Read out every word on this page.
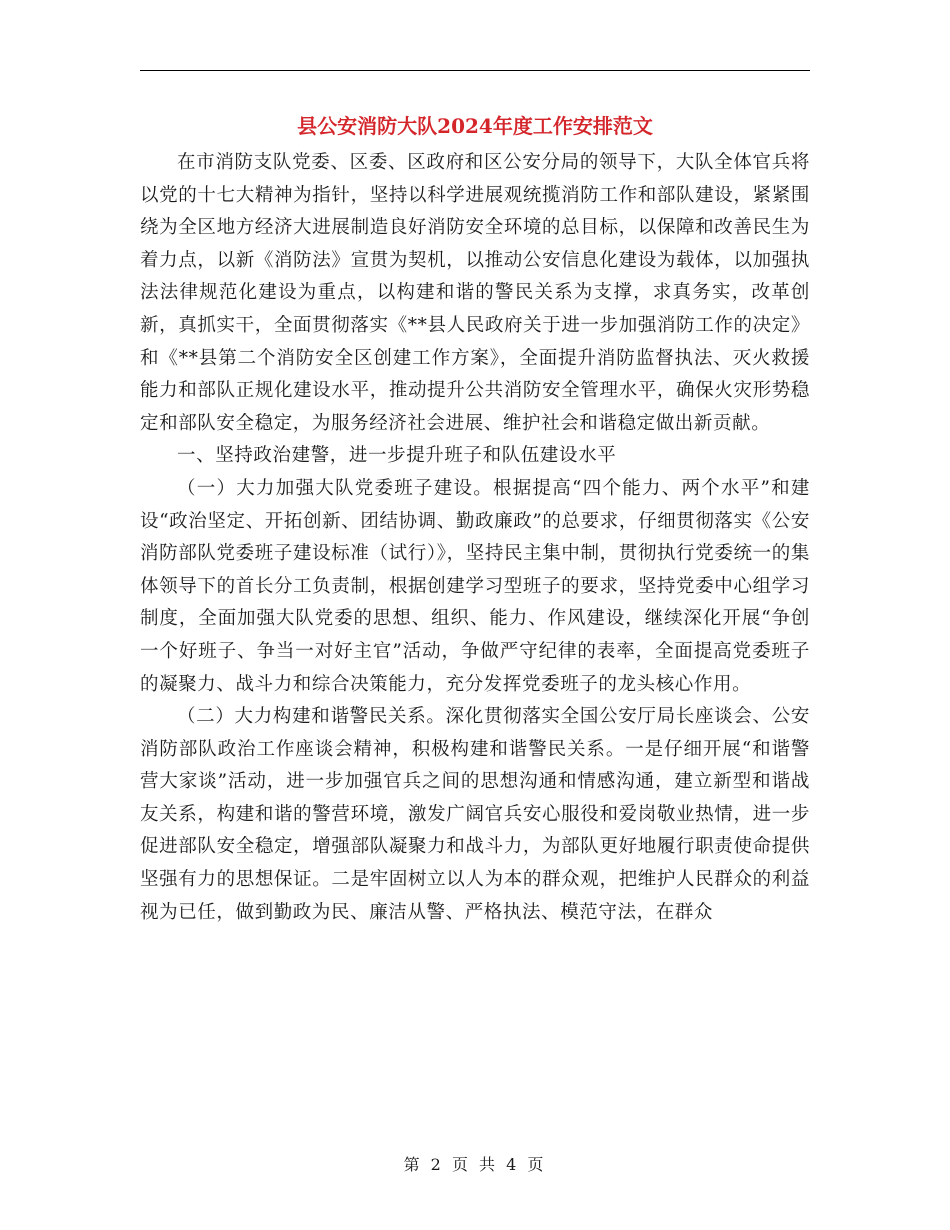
县公安消防大队2024年度工作安排范文

在市消防支队党委、区委、区政府和区公安分局的领导下，大队全体官兵将以党的十七大精神为指针，坚持以科学进展观统揽消防工作和部队建设，紧紧围绕为全区地方经济大进展制造良好消防安全环境的总目标，以保障和改善民生为着力点，以新《消防法》宣贯为契机，以推动公安信息化建设为载体，以加强执法法律规范化建设为重点，以构建和谐的警民关系为支撑，求真务实，改革创新，真抓实干，全面贯彻落实《**县人民政府关于进一步加强消防工作的决定》和《**县第二个消防安全区创建工作方案》，全面提升消防监督执法、灭火救援能力和部队正规化建设水平，推动提升公共消防安全管理水平，确保火灾形势稳定和部队安全稳定，为服务经济社会进展、维护社会和谐稳定做出新贡献。

一、坚持政治建警，进一步提升班子和队伍建设水平

（一）大力加强大队党委班子建设。根据提高“四个能力、两个水平”和建设“政治坚定、开拓创新、团结协调、勤政廉政”的总要求，仔细贯彻落实《公安消防部队党委班子建设标准（试行）》，坚持民主集中制，贯彻执行党委统一的集体领导下的首长分工负责制，根据创建学习型班子的要求，坚持党委中心组学习制度，全面加强大队党委的思想、组织、能力、作风建设，继续深化开展“争创一个好班子、争当一对好主官”活动，争做严守纪律的表率，全面提高党委班子的凝聚力、战斗力和综合决策能力，充分发挥党委班子的龙头核心作用。

（二）大力构建和谐警民关系。深化贯彻落实全国公安厅局长座谈会、公安消防部队政治工作座谈会精神，积极构建和谐警民关系。一是仔细开展“和谐警营大家谈”活动，进一步加强官兵之间的思想沟通和情感沟通，建立新型和谐战友关系，构建和谐的警营环境，激发广阔官兵安心服役和爱岗敬业热情，进一步促进部队安全稳定，增强部队凝聚力和战斗力，为部队更好地履行职责使命提供坚强有力的思想保证。二是牢固树立以人为本的群众观，把维护人民群众的利益视为已任，做到勤政为民、廉洁从警、严格执法、模范守法，在群众

第 2 页 共 4 页
